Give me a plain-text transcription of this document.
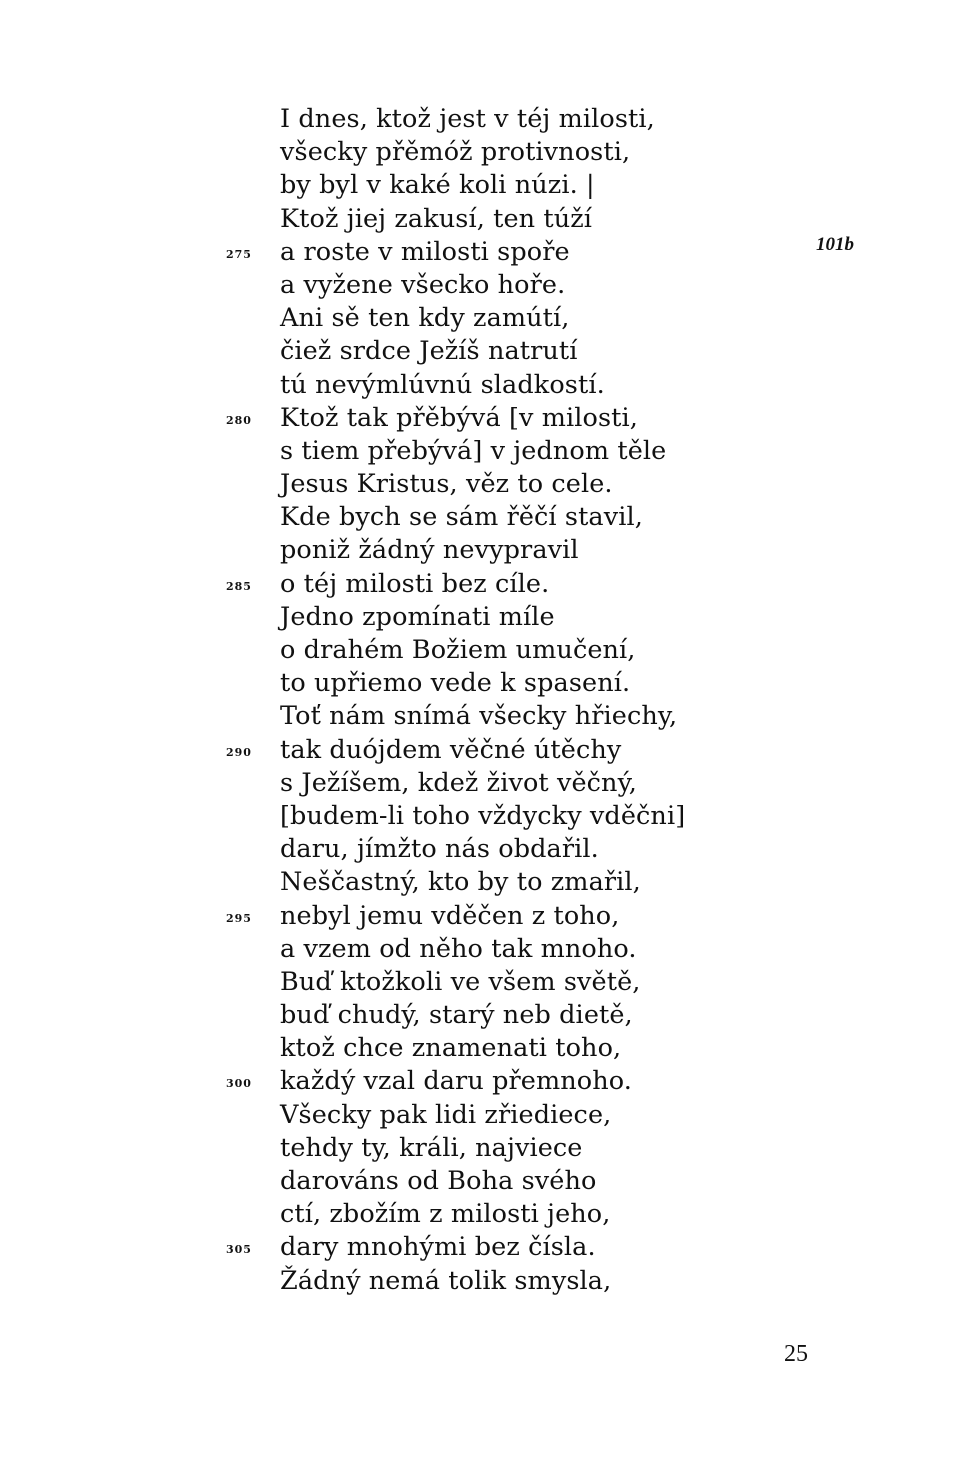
I dnes, ktož jest v téj milosti,
všecky přěmóž protivnosti,
by byl v kaké koli núzi. |
Ktož jiej zakusí, ten túží
275 a roste v milosti spoře
a vyžene všecko hoře.
Ani sě ten kdy zamútí,
čiež srdce Ježíš natrutí
tú nevýmlúvnú sladkostí.
280 Ktož tak přěbývá [v milosti,
s tiem přebývá] v jednom těle
Jesus Kristus, věz to cele.
Kde bych se sám řěčí stavil,
poniž žádný nevypravil
285 o téj milosti bez cíle.
Jedno zpomínati míle
o drahém Božiem umučení,
to upřiemo vede k spasení.
Toť nám snímá všecky hřiechy,
290 tak duójdem věčné útěchy
s Ježíšem, kdež život věčný,
[budem-li toho vždycky vděčni]
daru, jímžto nás obdařil.
Neščastný, kto by to zmařil,
295 nebyl jemu vděčen z toho,
a vzem od něho tak mnoho.
Buď ktožkoli ve všem světě,
buď chudý, starý neb dietě,
ktož chce znamenati toho,
300 každý vzal daru přemnoho.
Všecky pak lidi zřiediece,
tehdy ty, králi, najviece
darováns od Boha svého
ctí, zbožím z milosti jeho,
305 dary mnohými bez čísla.
Žádný nemá tolik smysla,
101b
25
